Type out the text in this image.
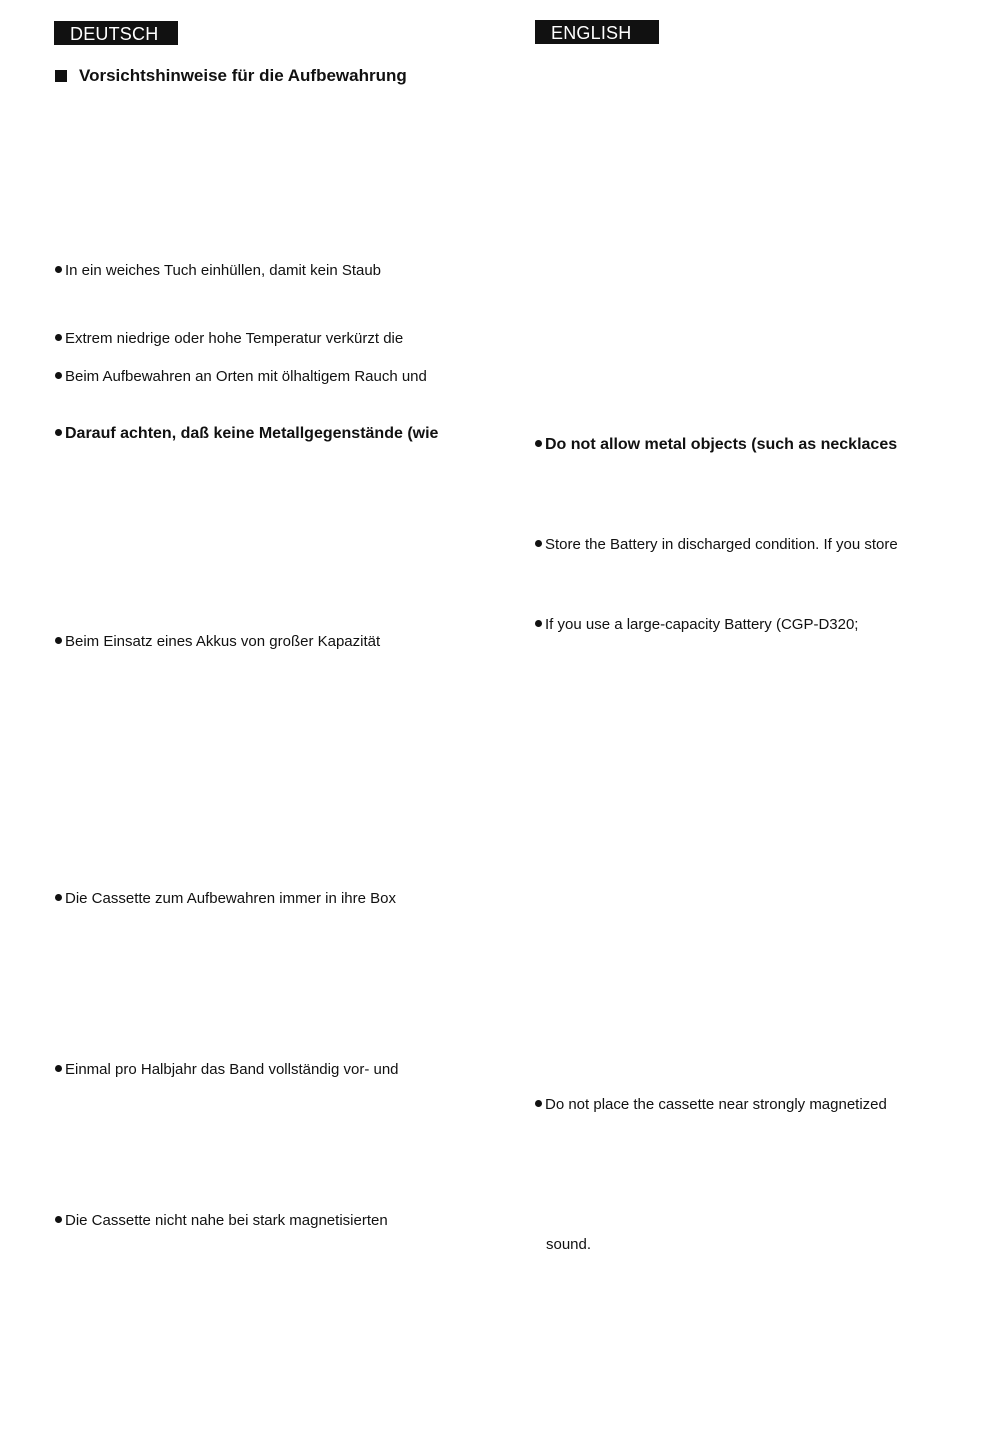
DEUTSCH
Vorsichtshinweise für die Aufbewahrung
In ein weiches Tuch einhüllen, damit kein Staub
Extrem niedrige oder hohe Temperatur verkürzt die
Beim Aufbewahren an Orten mit ölhaltigem Rauch und
Darauf achten, daß keine Metallgegenstände (wie
Beim Einsatz eines Akkus von großer Kapazität
Die Cassette zum Aufbewahren immer in ihre Box
Einmal pro Halbjahr das Band vollständig vor- und
Die Cassette nicht nahe bei stark magnetisierten
ENGLISH
Do not allow metal objects (such as necklaces
Store the Battery in discharged condition. If you store
If you use a large-capacity Battery (CGP-D320;
Do not place the cassette near strongly magnetized
sound.
